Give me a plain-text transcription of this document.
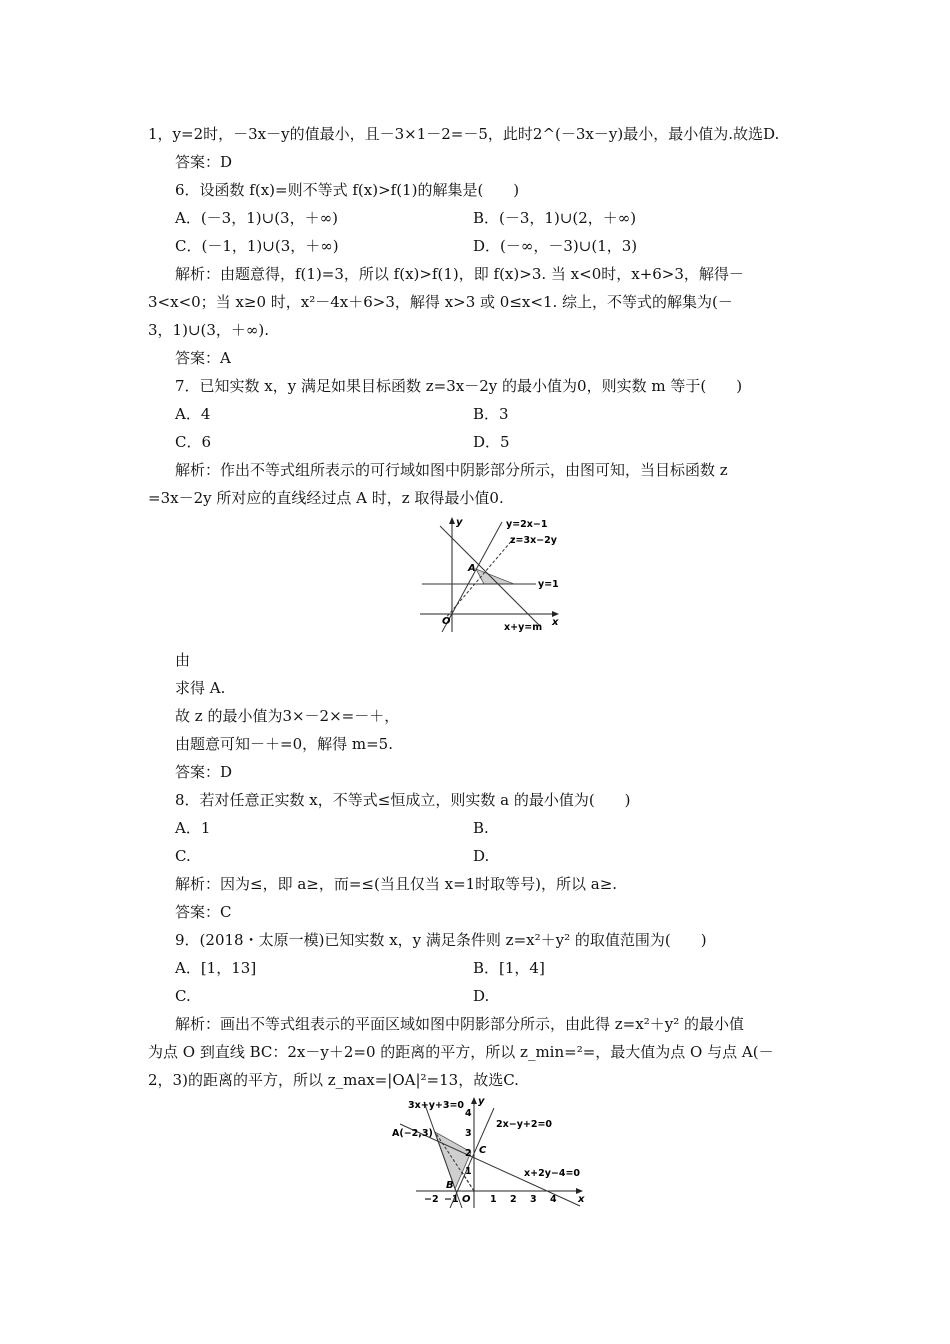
1，y=2时，－3x－y的值最小，且－3×1－2=－5，此时2^(－3x－y)最小，最小值为.故选D.
答案：D
6．设函数 f(x)=则不等式 f(x)>f(1)的解集是(　　)
A．(－3，1)∪(3，＋∞)	B．(－3，1)∪(2，＋∞)
C．(－1，1)∪(3，＋∞)	D．(－∞，－3)∪(1，3)
解析：由题意得，f(1)=3，所以 f(x)>f(1)，即 f(x)>3. 当 x<0时，x+6>3，解得－
3<x<0；当 x≥0 时，x²－4x＋6>3，解得 x>3 或 0≤x<1. 综上，不等式的解集为(－
3，1)∪(3，＋∞).
答案：A
7．已知实数 x，y 满足如果目标函数 z=3x－2y 的最小值为0，则实数 m 等于(　　)
A．4	B．3
C．6	D．5
解析：作出不等式组所表示的可行域如图中阴影部分所示，由图可知，当目标函数 z
=3x－2y 所对应的直线经过点 A 时，z 取得最小值0.
y	y=2x−1
z=3x−2y
A
y=1
O	x
x+y=m
由
求得 A.
故 z 的最小值为3×－2×=－＋，
由题意可知－＋=0，解得 m=5.
答案：D
8．若对任意正实数 x，不等式≤恒成立，则实数 a 的最小值为(　　)
A．1	B.
C.	D.
解析：因为≤，即 a≥，而=≤(当且仅当 x=1时取等号)，所以 a≥.
答案：C
9．(2018・太原一模)已知实数 x，y 满足条件则 z=x²＋y² 的取值范围为(　　)
A．[1，13]	B．[1，4]
C.	D.
解析：画出不等式组表示的平面区域如图中阴影部分所示，由此得 z=x²＋y² 的最小值
为点 O 到直线 BC：2x－y＋2=0 的距离的平方，所以 z_min=²=，最大值为点 O 与点 A(－
2，3)的距离的平方，所以 z_max=|OA|²=13，故选C.
3x+y+3=0 y
4
2x−y+2=0
3
A(−2,3)
2 C
1	x+2y−4=0
B
−2 −1 O 1 2 3 4 x
